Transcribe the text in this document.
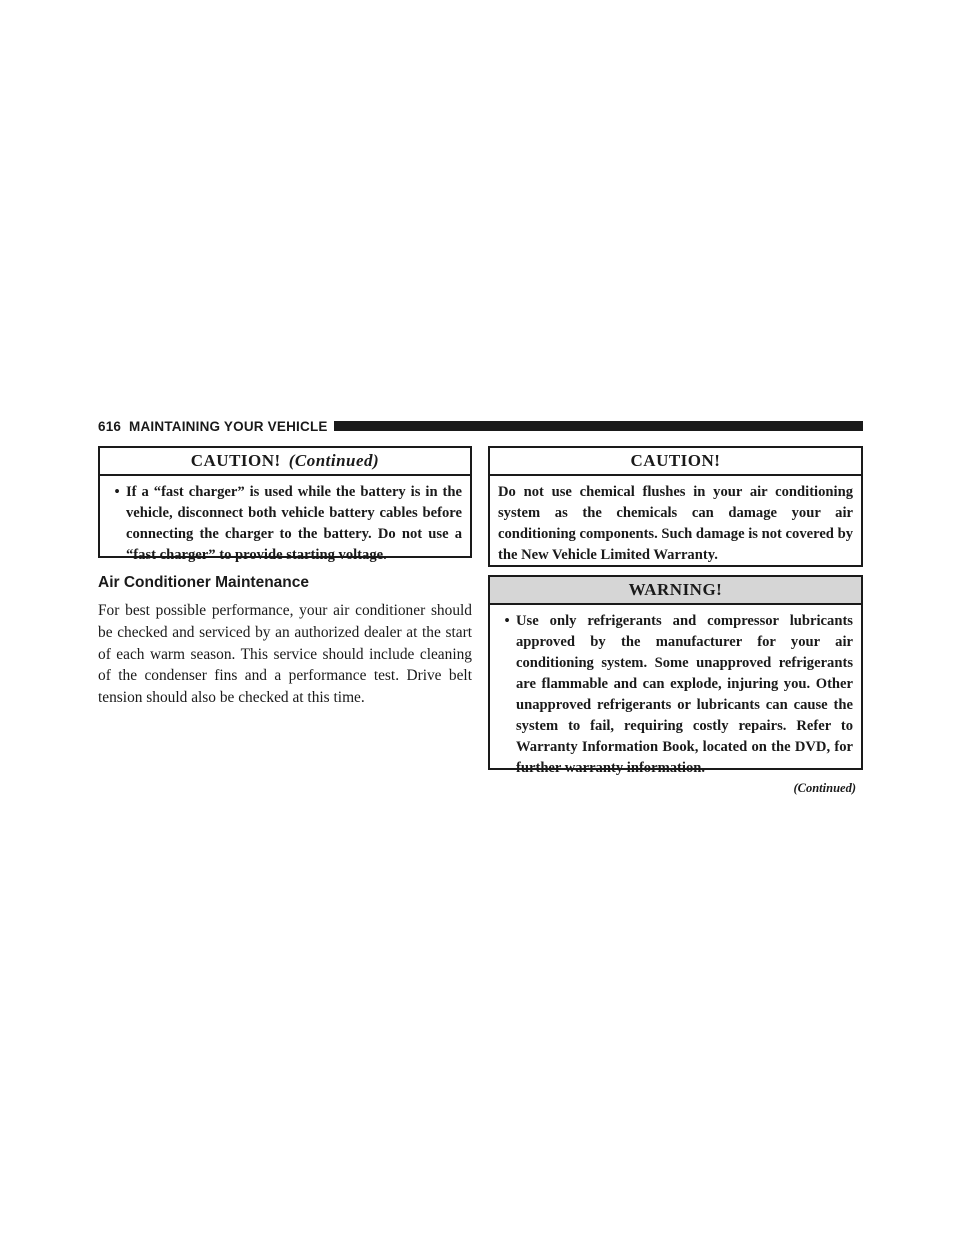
616 MAINTAINING YOUR VEHICLE
CAUTION! (Continued)
• If a “fast charger” is used while the battery is in the vehicle, disconnect both vehicle battery cables before connecting the charger to the battery. Do not use a “fast charger” to provide starting voltage.
Air Conditioner Maintenance
For best possible performance, your air conditioner should be checked and serviced by an authorized dealer at the start of each warm season. This service should include cleaning of the condenser fins and a performance test. Drive belt tension should also be checked at this time.
CAUTION!
Do not use chemical flushes in your air conditioning system as the chemicals can damage your air conditioning components. Such damage is not covered by the New Vehicle Limited Warranty.
WARNING!
• Use only refrigerants and compressor lubricants approved by the manufacturer for your air conditioning system. Some unapproved refrigerants are flammable and can explode, injuring you. Other unapproved refrigerants or lubricants can cause the system to fail, requiring costly repairs. Refer to Warranty Information Book, located on the DVD, for further warranty information.
(Continued)
